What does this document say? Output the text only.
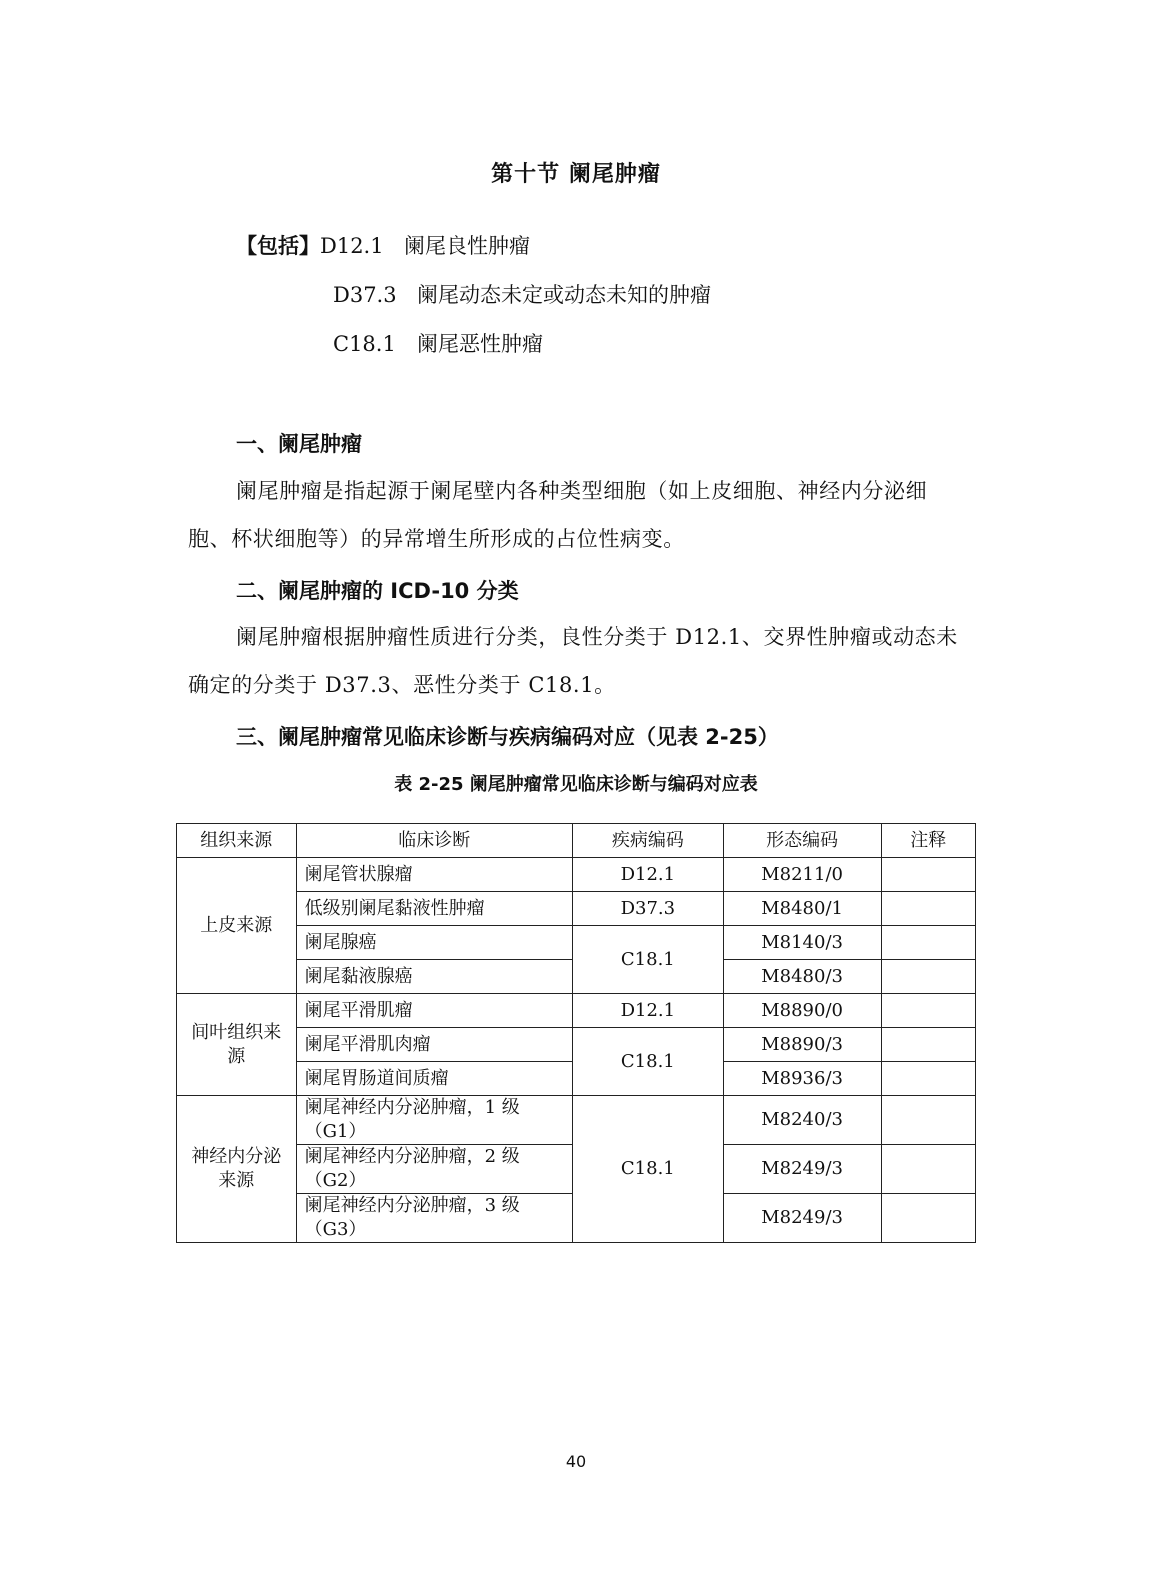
第十节 阑尾肿瘤
【包括】D12.1 阑尾良性肿瘤
D37.3 阑尾动态未定或动态未知的肿瘤
C18.1 阑尾恶性肿瘤
一、阑尾肿瘤

阑尾肿瘤是指起源于阑尾壁内各种类型细胞（如上皮细胞、神经内分泌细胞、杯状细胞等）的异常增生所形成的占位性病变。

二、阑尾肿瘤的 ICD-10 分类

阑尾肿瘤根据肿瘤性质进行分类，良性分类于 D12.1、交界性肿瘤或动态未确定的分类于 D37.3、恶性分类于 C18.1。

三、阑尾肿瘤常见临床诊断与疾病编码对应（见表 2-25）
表 2-25 阑尾肿瘤常见临床诊断与编码对应表
组织来源	临床诊断	疾病编码	形态编码	注释
上皮来源	阑尾管状腺瘤	D12.1	M8211/0	
	低级别阑尾黏液性肿瘤	D37.3	M8480/1	
	阑尾腺癌	C18.1	M8140/3	
	阑尾黏液腺癌		M8480/3	
间叶组织来源	阑尾平滑肌瘤	D12.1	M8890/0	
	阑尾平滑肌肉瘤	C18.1	M8890/3	
	阑尾胃肠道间质瘤		M8936/3	
神经内分泌来源	阑尾神经内分泌肿瘤，1 级（G1）	C18.1	M8240/3	
	阑尾神经内分泌肿瘤，2 级（G2）		M8249/3	
	阑尾神经内分泌肿瘤，3 级（G3）		M8249/3	
40
